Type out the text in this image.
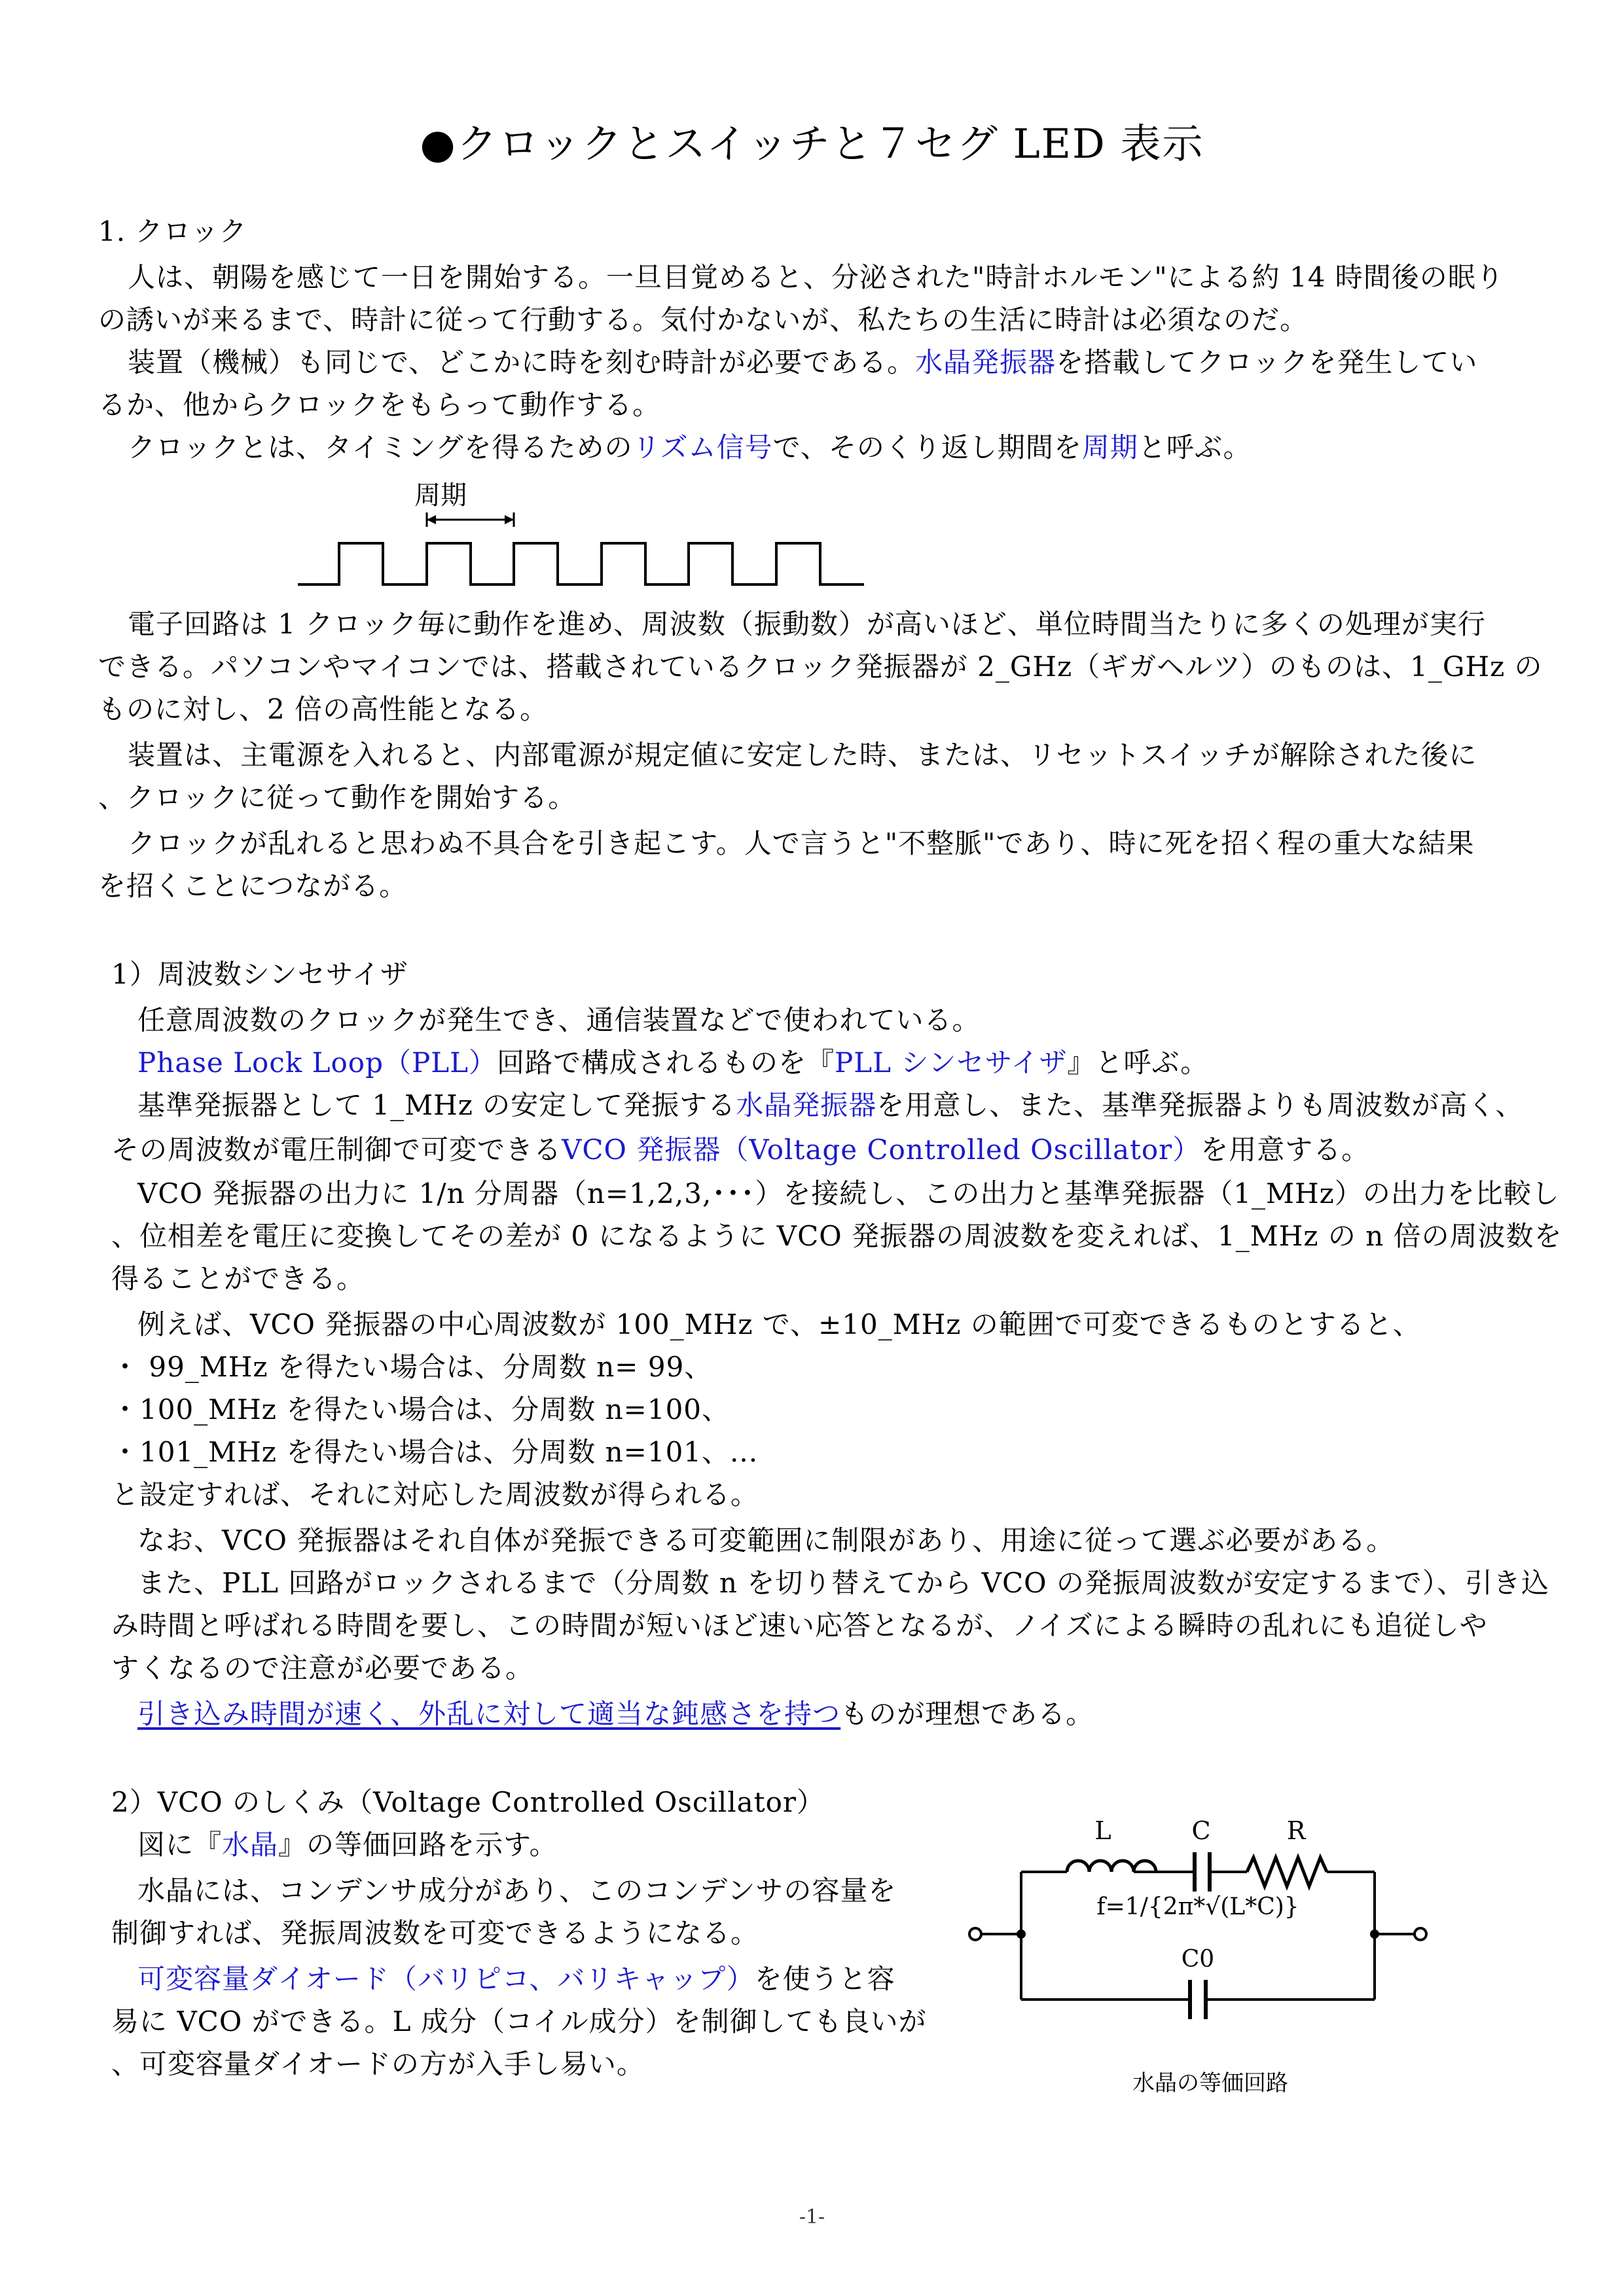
●クロックとスイッチと７セグ LED 表示
1. クロック
人は、朝陽を感じて一日を開始する。一旦目覚めると、分泌された"時計ホルモン"による約 14 時間後の眠り
の誘いが来るまで、時計に従って行動する。気付かないが、私たちの生活に時計は必須なのだ。
装置（機械）も同じで、どこかに時を刻む時計が必要である。水晶発振器を搭載してクロックを発生してい
るか、他からクロックをもらって動作する。
クロックとは、タイミングを得るためのリズム信号で、そのくり返し期間を周期と呼ぶ。
周期
電子回路は 1 クロック毎に動作を進め、周波数（振動数）が高いほど、単位時間当たりに多くの処理が実行
できる。パソコンやマイコンでは、搭載されているクロック発振器が 2_GHz（ギガヘルツ）のものは、1_GHz の
ものに対し、2 倍の高性能となる。
装置は、主電源を入れると、内部電源が規定値に安定した時、または、リセットスイッチが解除された後に
、クロックに従って動作を開始する。
クロックが乱れると思わぬ不具合を引き起こす。人で言うと"不整脈"であり、時に死を招く程の重大な結果
を招くことにつながる。
1）周波数シンセサイザ
任意周波数のクロックが発生でき、通信装置などで使われている。
Phase Lock Loop（PLL）回路で構成されるものを『PLL シンセサイザ』と呼ぶ。
基準発振器として 1_MHz の安定して発振する水晶発振器を用意し、また、基準発振器よりも周波数が高く、
その周波数が電圧制御で可変できるVCO 発振器（Voltage Controlled Oscillator）を用意する。
VCO 発振器の出力に 1/n 分周器（n=1,2,3,･･･）を接続し、この出力と基準発振器（1_MHz）の出力を比較し
、位相差を電圧に変換してその差が 0 になるように VCO 発振器の周波数を変えれば、1_MHz の n 倍の周波数を
得ることができる。
例えば、VCO 発振器の中心周波数が 100_MHz で、±10_MHz の範囲で可変できるものとすると、
・ 99_MHz を得たい場合は、分周数 n= 99、
・100_MHz を得たい場合は、分周数 n=100、
・101_MHz を得たい場合は、分周数 n=101、...
と設定すれば、それに対応した周波数が得られる。
なお、VCO 発振器はそれ自体が発振できる可変範囲に制限があり、用途に従って選ぶ必要がある。
また、PLL 回路がロックされるまで（分周数 n を切り替えてから VCO の発振周波数が安定するまで）、引き込
み時間と呼ばれる時間を要し、この時間が短いほど速い応答となるが、ノイズによる瞬時の乱れにも追従しや
すくなるので注意が必要である。
引き込み時間が速く、外乱に対して適当な鈍感さを持つものが理想である。
2）VCO のしくみ（Voltage Controlled Oscillator）
図に『水晶』の等価回路を示す。
水晶には、コンデンサ成分があり、このコンデンサの容量を
制御すれば、発振周波数を可変できるようになる。
可変容量ダイオード（バリピコ、バリキャップ）を使うと容
易に VCO ができる。L 成分（コイル成分）を制御しても良いが
、可変容量ダイオードの方が入手し易い。
L	C	R
f=1/{2π*√(L*C)}
C0
水晶の等価回路
-1-
